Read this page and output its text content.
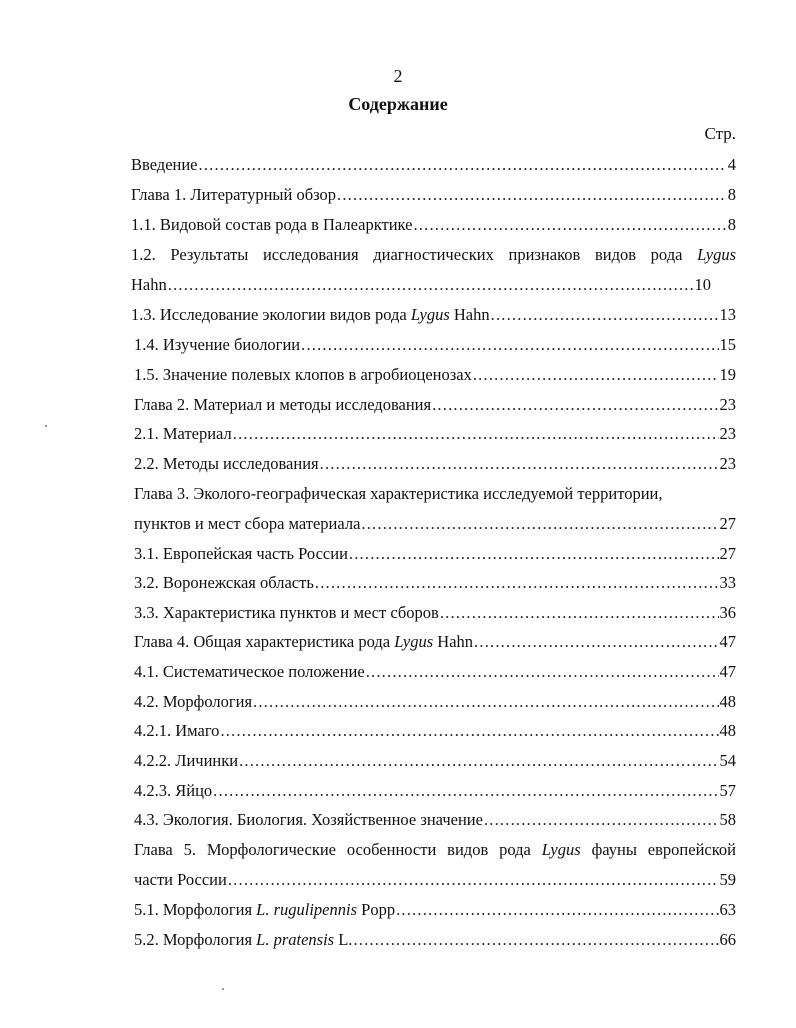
2
Содержание
Стр.
Введение .....	4
Глава 1. Литературный обзор .....	8
1.1. Видовой состав рода в Палеарктике .....	8
1.2. Результаты исследования диагностических признаков видов рода Lygus
Hahn .....	10
1.3. Исследование экологии видов рода Lygus Hahn .....	13
1.4. Изучение биологии .....	15
1.5. Значение полевых клопов в агробиоценозах .....	19
Глава 2. Материал и методы исследования .....	23
2.1. Материал .....	23
2.2. Методы исследования .....	23
Глава 3. Эколого-географическая характеристика исследуемой территории,
пунктов и мест сбора материала .....	27
3.1. Европейская часть России .....	27
3.2. Воронежская область .....	33
3.3. Характеристика пунктов и мест сборов .....	36
Глава 4. Общая характеристика рода Lygus Hahn .....	47
4.1. Систематическое положение .....	47
4.2. Морфология .....	48
4.2.1. Имаго .....	48
4.2.2. Личинки .....	54
4.2.3. Яйцо .....	57
4.3. Экология. Биология. Хозяйственное значение .....	58
Глава 5. Морфологические особенности видов рода Lygus фауны европейской
части России .....	59
5.1. Морфология L. rugulipennis Popp .....	63
5.2. Морфология L. pratensis L. .....	66
